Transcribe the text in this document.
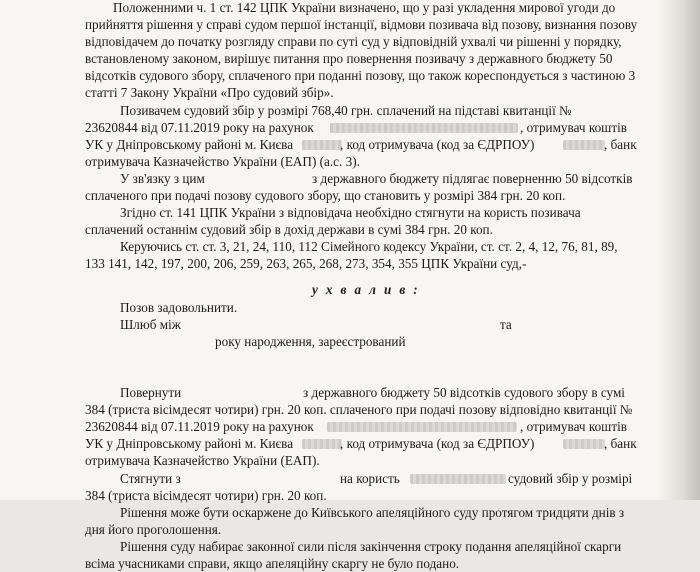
Положенними ч. 1 ст. 142 ЦПК України визначено, що у разі укладення мирової угоди до
прийняття рішення у справі судом першої інстанції, відмови позивача від позову, визнання позову
відповідачем до початку розгляду справи по суті суд у відповідній ухвалі чи рішенні у порядку,
встановленому законом, вирішує питання про повернення позивачу з державного бюджету 50
відсотків судового збору, сплаченого при поданні позову, що також кореспондується з частиною 3
статті 7 Закону України «Про судовий збір».
Позивачем судовий збір у розмірі 768,40 грн. сплачений на підставі квитанції №
23620844 від 07.11.2019 року на рахунок	, отримувач коштів
УК у Дніпровському районі м. Києва	, код отримувача (код за ЄДРПОУ)	, банк
отримувача Казначейство України (ЕАП) (а.с. 3).
У зв'язку з цим	з державного бюджету підлягає поверненню 50 відсотків
сплаченого при подачі позову судового збору, що становить у розмірі 384 грн. 20 коп.
Згідно ст. 141 ЦПК України з відповідача необхідно стягнути на користь позивача
сплачений останнім судовий збір в дохід держави в сумі 384 грн. 20 коп.
Керуючись ст. ст. 3, 21, 24, 110, 112 Сімейного кодексу України, ст. ст. 2, 4, 12, 76, 81, 89,
133 141, 142, 197, 200, 206, 259, 263, 265, 268, 273, 354, 355 ЦПК України суд,-
у х в а л и в :
Позов задовольнити.
Шлюб між	та
року народження, зареєстрований
Повернути	з державного бюджету 50 відсотків судового збору в сумі
384 (триста вісімдесят чотири) грн. 20 коп. сплаченого при подачі позову відповідно квитанції №
23620844 від 07.11.2019 року на рахунок	, отримувач коштів
УК у Дніпровському районі м. Києва	, код отримувача (код за ЄДРПОУ)	, банк
отримувача Казначейство України (ЕАП).
Стягнути з	на користь	судовий збір у розмірі
384 (триста вісімдесят чотири) грн. 20 коп.
Рішення може бути оскаржене до Київського апеляційного суду протягом тридцяти днів з
дня його проголошення.
Рішення суду набирає законної сили після закінчення строку подання апеляційної скарги
всіма учасниками справи, якщо апеляційну скаргу не було подано.
